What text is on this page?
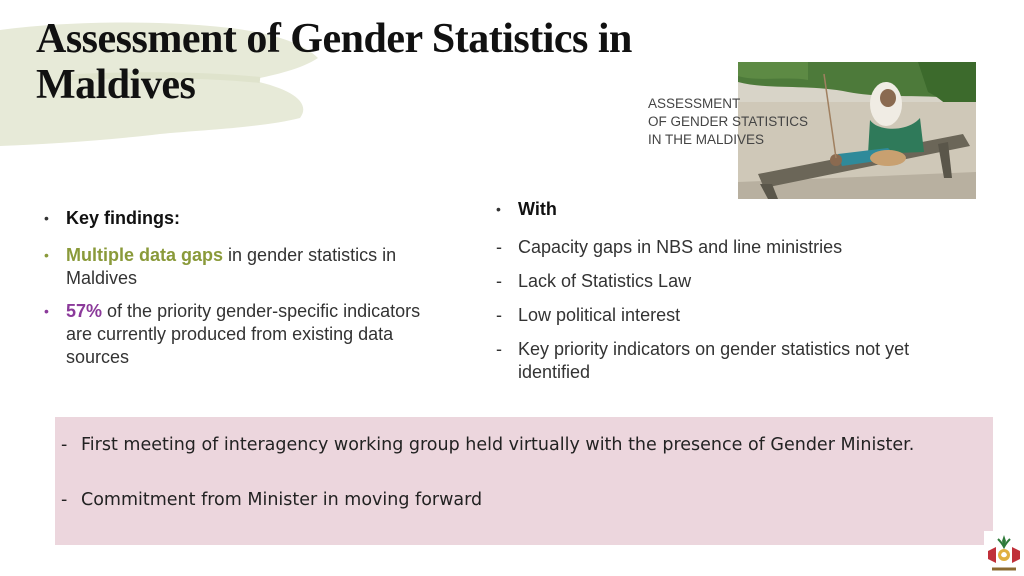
Assessment of Gender Statistics in
Maldives	ASSESSMENT
OF GENDER STATISTICS
IN THE MALDIVES
• Key findings:
• Multiple data gaps in gender statistics in Maldives
• 57% of the priority gender-specific indicators are currently produced from existing data sources
• With
- Capacity gaps in NBS and line ministries
- Lack of Statistics Law
- Low political interest
- Key priority indicators on gender statistics not yet identified
- First meeting of interagency working group held virtually with the presence of Gender Minister.
- Commitment from Minister in moving forward
